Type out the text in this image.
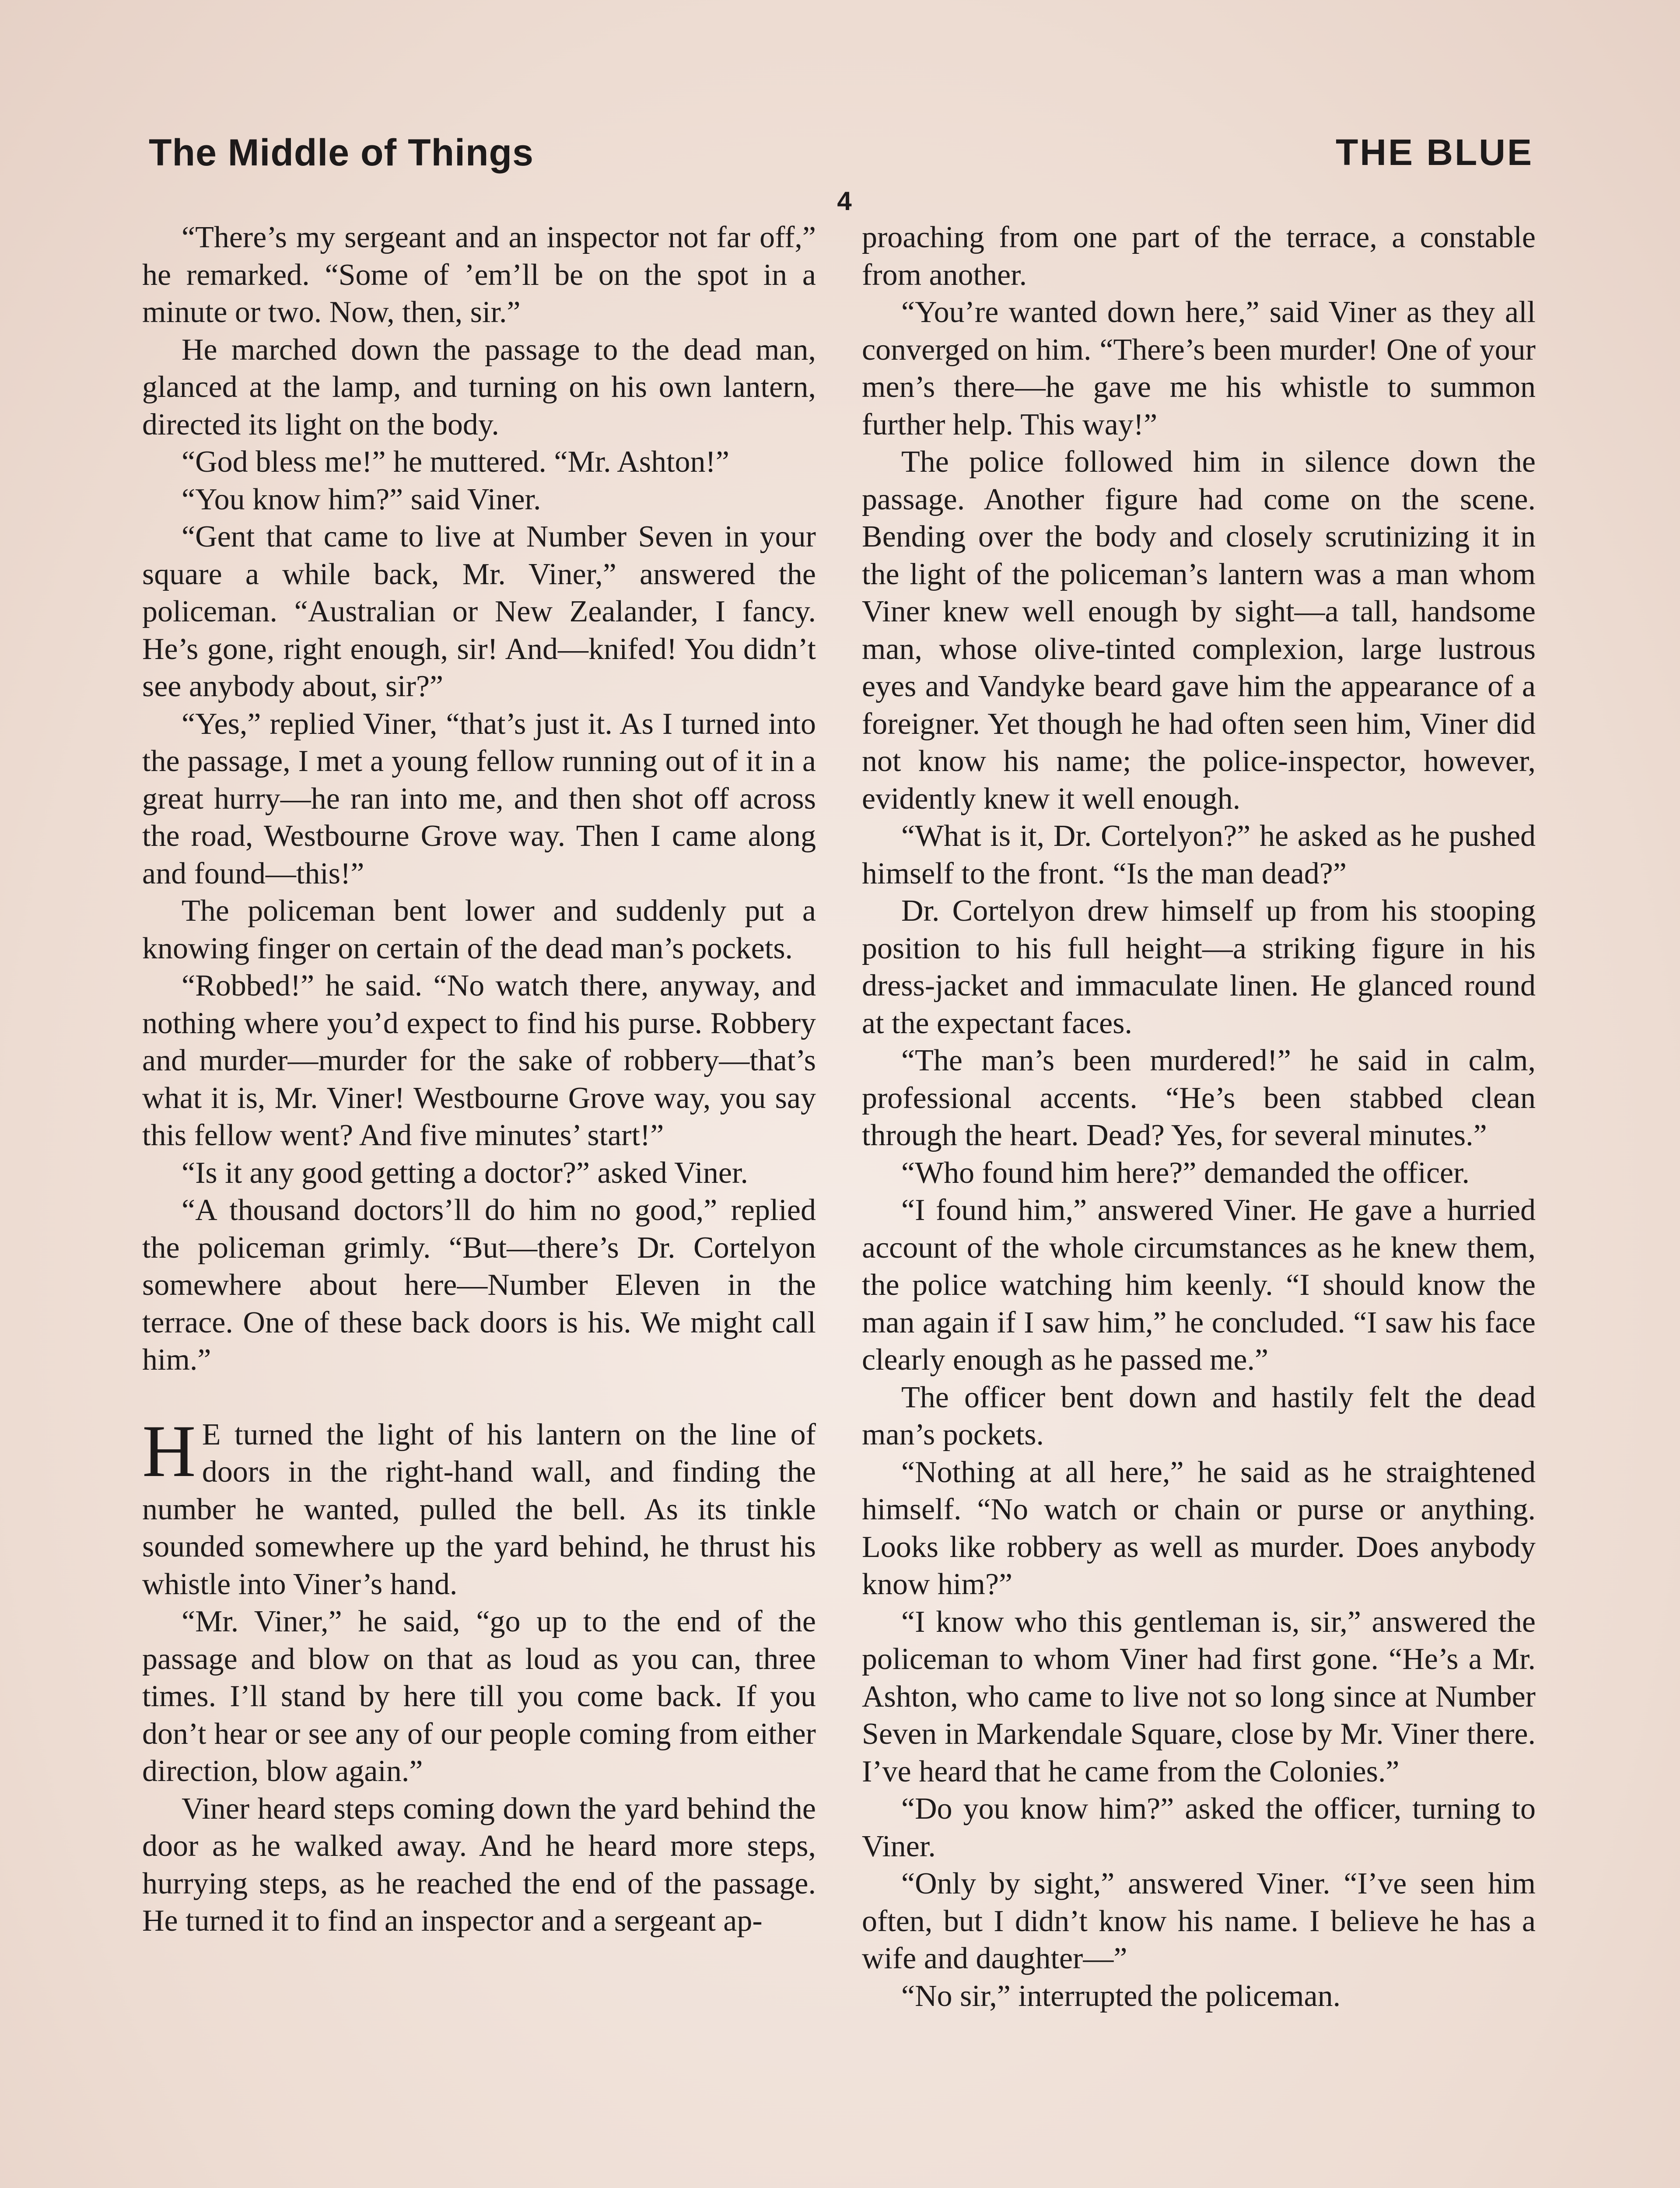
The Middle of Things	THE BLUE
4

“There’s my sergeant and an inspector not far off,” he remarked. “Some of ’em’ll be on the spot in a minute or two. Now, then, sir.”

He marched down the passage to the dead man, glanced at the lamp, and turning on his own lantern, directed its light on the body.

“God bless me!” he muttered. “Mr. Ashton!”

“You know him?” said Viner.

“Gent that came to live at Number Seven in your square a while back, Mr. Viner,” answered the policeman. “Australian or New Zealander, I fancy. He’s gone, right enough, sir! And—knifed! You didn’t see anybody about, sir?”

“Yes,” replied Viner, “that’s just it. As I turned into the passage, I met a young fellow running out of it in a great hurry—he ran into me, and then shot off across the road, Westbourne Grove way. Then I came along and found—this!”

The policeman bent lower and suddenly put a knowing finger on certain of the dead man’s pockets.

“Robbed!” he said. “No watch there, anyway, and nothing where you’d expect to find his purse. Robbery and murder—murder for the sake of robbery—that’s what it is, Mr. Viner! Westbourne Grove way, you say this fellow went? And five minutes’ start!”

“Is it any good getting a doctor?” asked Viner.

“A thousand doctors’ll do him no good,” replied the policeman grimly. “But—there’s Dr. Cortelyon somewhere about here—Number Eleven in the terrace. One of these back doors is his. We might call him.”

H E turned the light of his lantern on the line of doors in the right-hand wall, and finding the number he wanted, pulled the bell. As its tinkle sounded somewhere up the yard behind, he thrust his whistle into Viner’s hand.

“Mr. Viner,” he said, “go up to the end of the passage and blow on that as loud as you can, three times. I’ll stand by here till you come back. If you don’t hear or see any of our people coming from either direction, blow again.”

Viner heard steps coming down the yard behind the door as he walked away. And he heard more steps, hurrying steps, as he reached the end of the passage. He turned it to find an inspector and a sergeant ap-

proaching from one part of the terrace, a constable from another.

“You’re wanted down here,” said Viner as they all converged on him. “There’s been murder! One of your men’s there—he gave me his whistle to summon further help. This way!”

The police followed him in silence down the passage. Another figure had come on the scene. Bending over the body and closely scrutinizing it in the light of the policeman’s lantern was a man whom Viner knew well enough by sight—a tall, handsome man, whose olive-tinted complexion, large lustrous eyes and Vandyke beard gave him the appearance of a foreigner. Yet though he had often seen him, Viner did not know his name; the police-inspector, however, evidently knew it well enough.

“What is it, Dr. Cortelyon?” he asked as he pushed himself to the front. “Is the man dead?”

Dr. Cortelyon drew himself up from his stooping position to his full height—a striking figure in his dress-jacket and immaculate linen. He glanced round at the expectant faces.

“The man’s been murdered!” he said in calm, professional accents. “He’s been stabbed clean through the heart. Dead? Yes, for several minutes.”

“Who found him here?” demanded the officer.

“I found him,” answered Viner. He gave a hurried account of the whole circumstances as he knew them, the police watching him keenly. “I should know the man again if I saw him,” he concluded. “I saw his face clearly enough as he passed me.”

The officer bent down and hastily felt the dead man’s pockets.

“Nothing at all here,” he said as he straightened himself. “No watch or chain or purse or anything. Looks like robbery as well as murder. Does anybody know him?”

“I know who this gentleman is, sir,” answered the policeman to whom Viner had first gone. “He’s a Mr. Ashton, who came to live not so long since at Number Seven in Markendale Square, close by Mr. Viner there. I’ve heard that he came from the Colonies.”

“Do you know him?” asked the officer, turning to Viner.

“Only by sight,” answered Viner. “I’ve seen him often, but I didn’t know his name. I believe he has a wife and daughter—”

“No sir,” interrupted the policeman.
